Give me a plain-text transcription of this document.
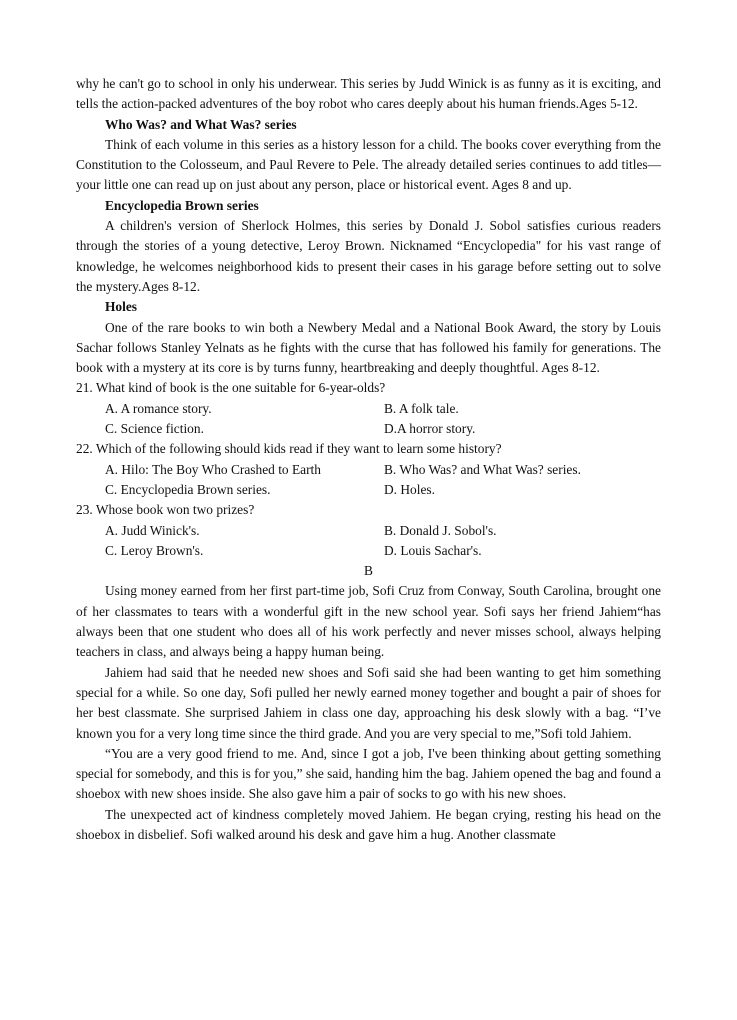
why he can't go to school in only his underwear. This series by Judd Winick is as funny as it is exciting, and tells the action-packed adventures of the boy robot who cares deeply about his human friends.Ages 5-12.

Who Was? and What Was? series

Think of each volume in this series as a history lesson for a child. The books cover everything from the Constitution to the Colosseum, and Paul Revere to Pele. The already detailed series continues to add titles—your little one can read up on just about any person, place or historical event. Ages 8 and up.

Encyclopedia Brown series

A children's version of Sherlock Holmes, this series by Donald J. Sobol satisfies curious readers through the stories of a young detective, Leroy Brown. Nicknamed “Encyclopedia" for his vast range of knowledge, he welcomes neighborhood kids to present their cases in his garage before setting out to solve the mystery.Ages 8-12.

Holes

One of the rare books to win both a Newbery Medal and a National Book Award, the story by Louis Sachar follows Stanley Yelnats as he fights with the curse that has followed his family for generations. The book with a mystery at its core is by turns funny, heartbreaking and deeply thoughtful. Ages 8-12.

21. What kind of book is the one suitable for 6-year-olds?

A. A romance story.	B. A folk tale.
C. Science fiction.	D.A horror story.

22. Which of the following should kids read if they want to learn some history?

A. Hilo: The Boy Who Crashed to Earth	B. Who Was? and What Was? series.
C. Encyclopedia Brown series.	D. Holes.

23. Whose book won two prizes?

A. Judd Winick's.	B. Donald J. Sobol's.
C. Leroy Brown's.	D. Louis Sachar's.

B

Using money earned from her first part-time job, Sofi Cruz from Conway, South Carolina, brought one of her classmates to tears with a wonderful gift in the new school year. Sofi says her friend Jahiem“has always been that one student who does all of his work perfectly and never misses school, always helping teachers in class, and always being a happy human being.

Jahiem had said that he needed new shoes and Sofi said she had been wanting to get him something special for a while. So one day, Sofi pulled her newly earned money together and bought a pair of shoes for her best classmate. She surprised Jahiem in class one day, approaching his desk slowly with a bag. “I’ve known you for a very long time since the third grade. And you are very special to me,”Sofi told Jahiem.

“You are a very good friend to me. And, since I got a job, I've been thinking about getting something special for somebody, and this is for you,” she said, handing him the bag. Jahiem opened the bag and found a shoebox with new shoes inside. She also gave him a pair of socks to go with his new shoes.

The unexpected act of kindness completely moved Jahiem. He began crying, resting his head on the shoebox in disbelief. Sofi walked around his desk and gave him a hug. Another classmate
